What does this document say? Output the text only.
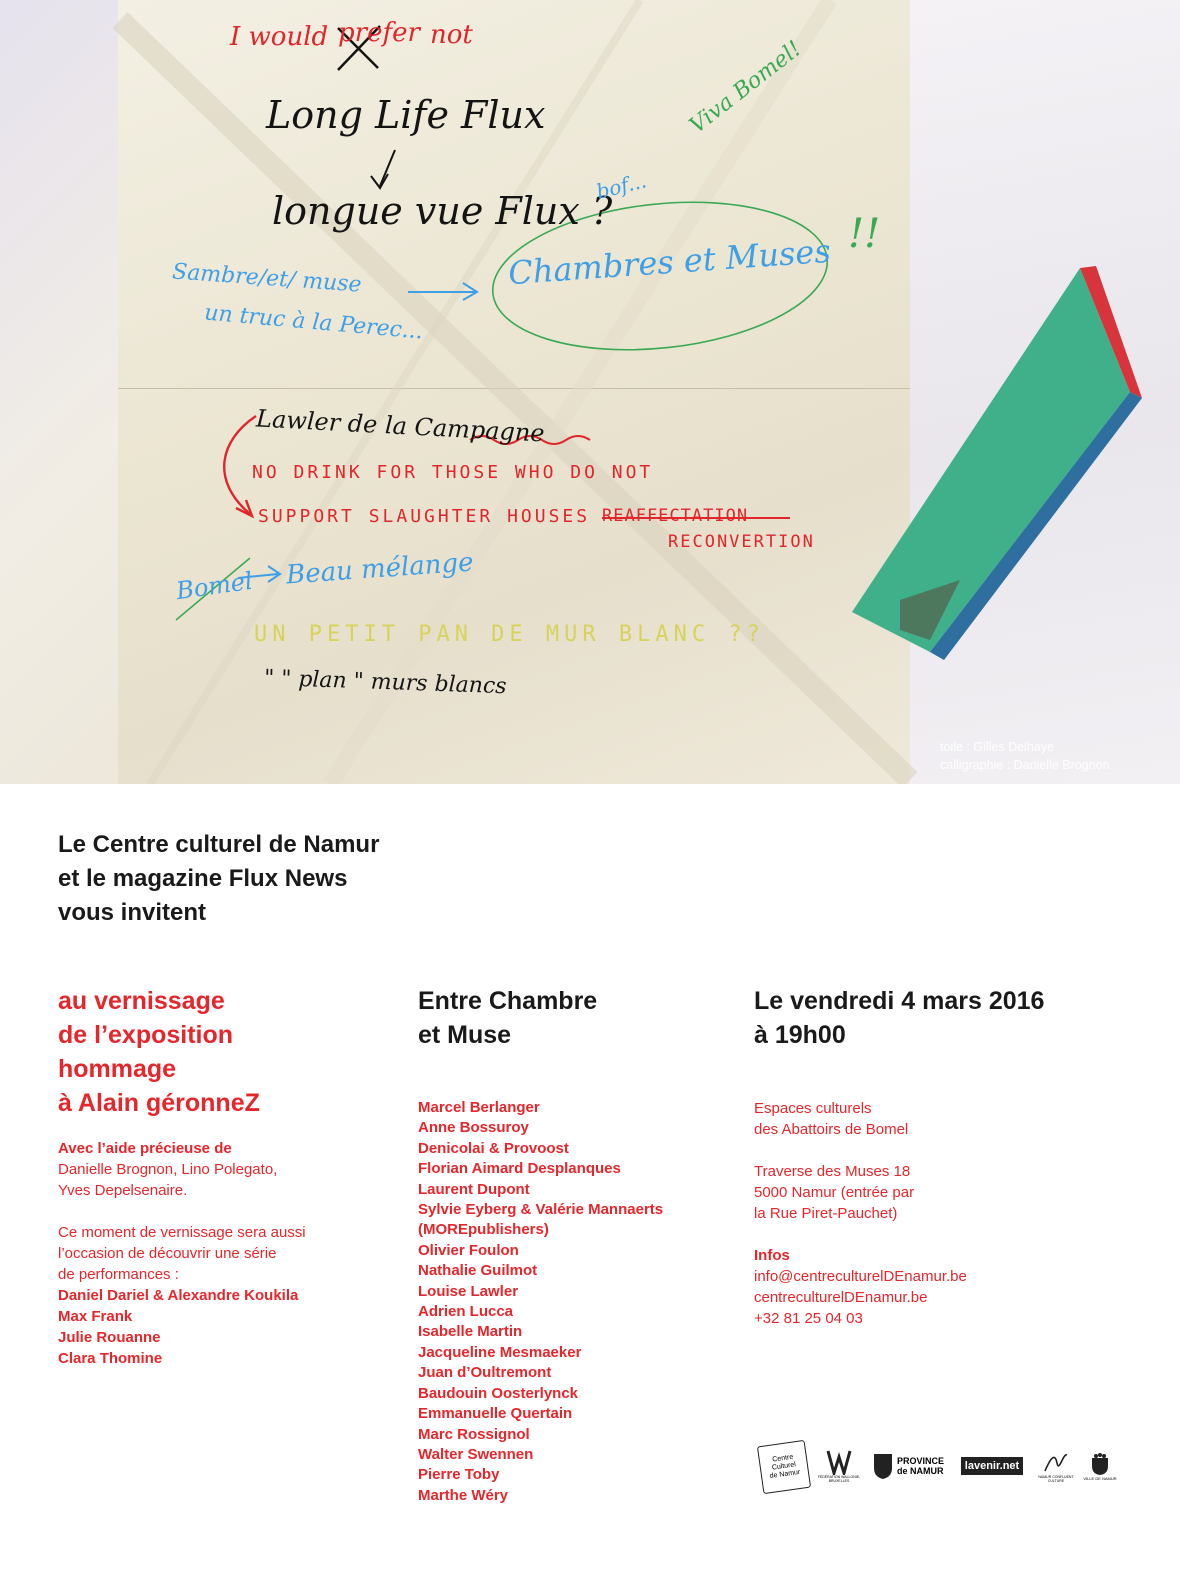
I would prefer not

Long Life Flux

longue vue Flux ?

bof...

Viva Bomel!

!!

Chambres et Muses

Sambre/et/ muse

un truc à la Perec...

Lawler de la Campagne

NO DRINK FOR THOSE WHO DO NOT

SUPPORT SLAUGHTER HOUSES REAFFECTATION

RECONVERTION

Bomel Beau mélange

UN PETIT PAN DE MUR BLANC ??

" " plan " murs blancs

toile : Gilles Delhaye

calligraphie : Danielle Brognon

Le Centre culturel de Namur

et le magazine Flux News

vous invitent

au vernissage

de l’exposition

hommage

à Alain géronneZ

Avec l’aide précieuse de

Danielle Brognon, Lino Polegato,

Yves Depelsenaire.

Ce moment de vernissage sera aussi

l’occasion de découvrir une série

de performances :

Daniel Dariel & Alexandre Koukila

Max Frank

Julie Rouanne

Clara Thomine

Entre Chambre

et Muse

Marcel Berlanger
Anne Bossuroy
Denicolai & Provoost
Florian Aimard Desplanques
Laurent Dupont
Sylvie Eyberg & Valérie Mannaerts
(MOREpublishers)
Olivier Foulon
Nathalie Guilmot
Louise Lawler
Adrien Lucca
Isabelle Martin
Jacqueline Mesmaeker
Juan d’Oultremont
Baudouin Oosterlynck
Emmanuelle Quertain
Marc Rossignol
Walter Swennen
Pierre Toby
Marthe Wéry

Le vendredi 4 mars 2016

à 19h00

Espaces culturels

des Abattoirs de Bomel

Traverse des Muses 18

5000 Namur (entrée par

la Rue Piret-Pauchet)

Infos

info@centreculturelDEnamur.be

centreculturelDEnamur.be

+32 81 25 04 03

Centre
Culturel
de Namur	FÉDÉRATION WALLONIE-BRUXELLES
PROVINCE
de NAMUR	lavenir.net
NAMUR CONFLUENT CULTURE
VILLE DE NAMUR
